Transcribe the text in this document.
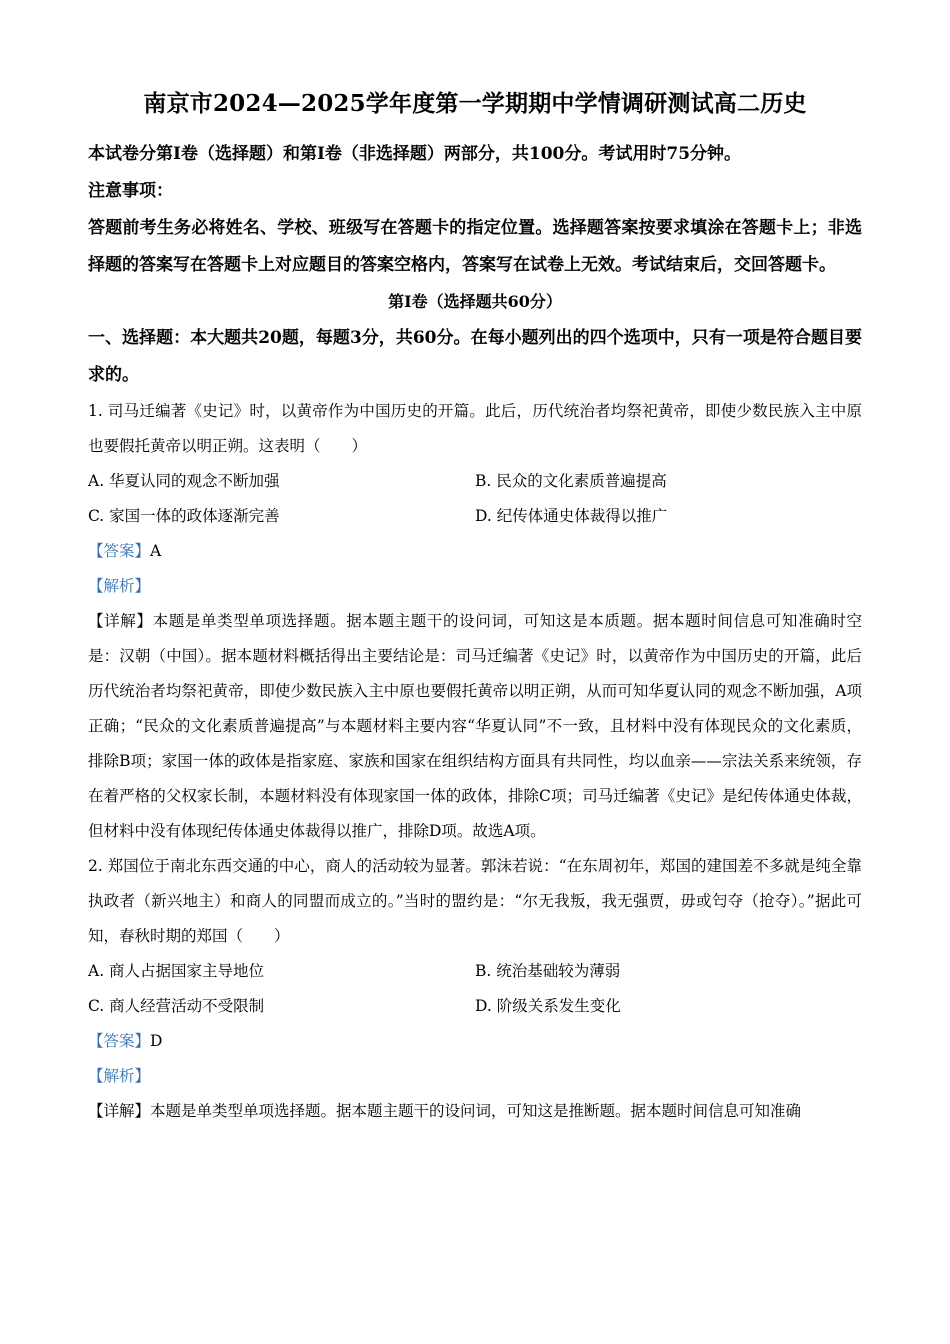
南京市2024—2025学年度第一学期期中学情调研测试高二历史
本试卷分第Ⅰ卷（选择题）和第Ⅰ卷（非选择题）两部分，共100分。考试用时75分钟。
注意事项：
答题前考生务必将姓名、学校、班级写在答题卡的指定位置。选择题答案按要求填涂在答题卡上；非选择题的答案写在答题卡上对应题目的答案空格内，答案写在试卷上无效。考试结束后，交回答题卡。
第Ⅰ卷（选择题共60分）
一、选择题：本大题共20题，每题3分，共60分。在每小题列出的四个选项中，只有一项是符合题目要求的。
1. 司马迁编著《史记》时，以黄帝作为中国历史的开篇。此后，历代统治者均祭祀黄帝，即使少数民族入主中原也要假托黄帝以明正朔。这表明（　　）
A. 华夏认同的观念不断加强	B. 民众的文化素质普遍提高
C. 家国一体的政体逐渐完善	D. 纪传体通史体裁得以推广
【答案】A
【解析】
【详解】本题是单类型单项选择题。据本题主题干的设问词，可知这是本质题。据本题时间信息可知准确时空是：汉朝（中国）。据本题材料概括得出主要结论是：司马迁编著《史记》时，以黄帝作为中国历史的开篇，此后历代统治者均祭祀黄帝，即使少数民族入主中原也要假托黄帝以明正朔，从而可知华夏认同的观念不断加强，A项正确；“民众的文化素质普遍提高”与本题材料主要内容“华夏认同”不一致，且材料中没有体现民众的文化素质，排除B项；家国一体的政体是指家庭、家族和国家在组织结构方面具有共同性，均以血亲——宗法关系来统领，存在着严格的父权家长制，本题材料没有体现家国一体的政体，排除C项；司马迁编著《史记》是纪传体通史体裁，但材料中没有体现纪传体通史体裁得以推广，排除D项。故选A项。
2. 郑国位于南北东西交通的中心，商人的活动较为显著。郭沫若说：“在东周初年，郑国的建国差不多就是纯全靠执政者（新兴地主）和商人的同盟而成立的。”当时的盟约是：“尔无我叛，我无强贾，毋或匄夺（抢夺）。”据此可知，春秋时期的郑国（　　）
A. 商人占据国家主导地位	B. 统治基础较为薄弱
C. 商人经营活动不受限制	D. 阶级关系发生变化
【答案】D
【解析】
【详解】本题是单类型单项选择题。据本题主题干的设问词，可知这是推断题。据本题时间信息可知准确
